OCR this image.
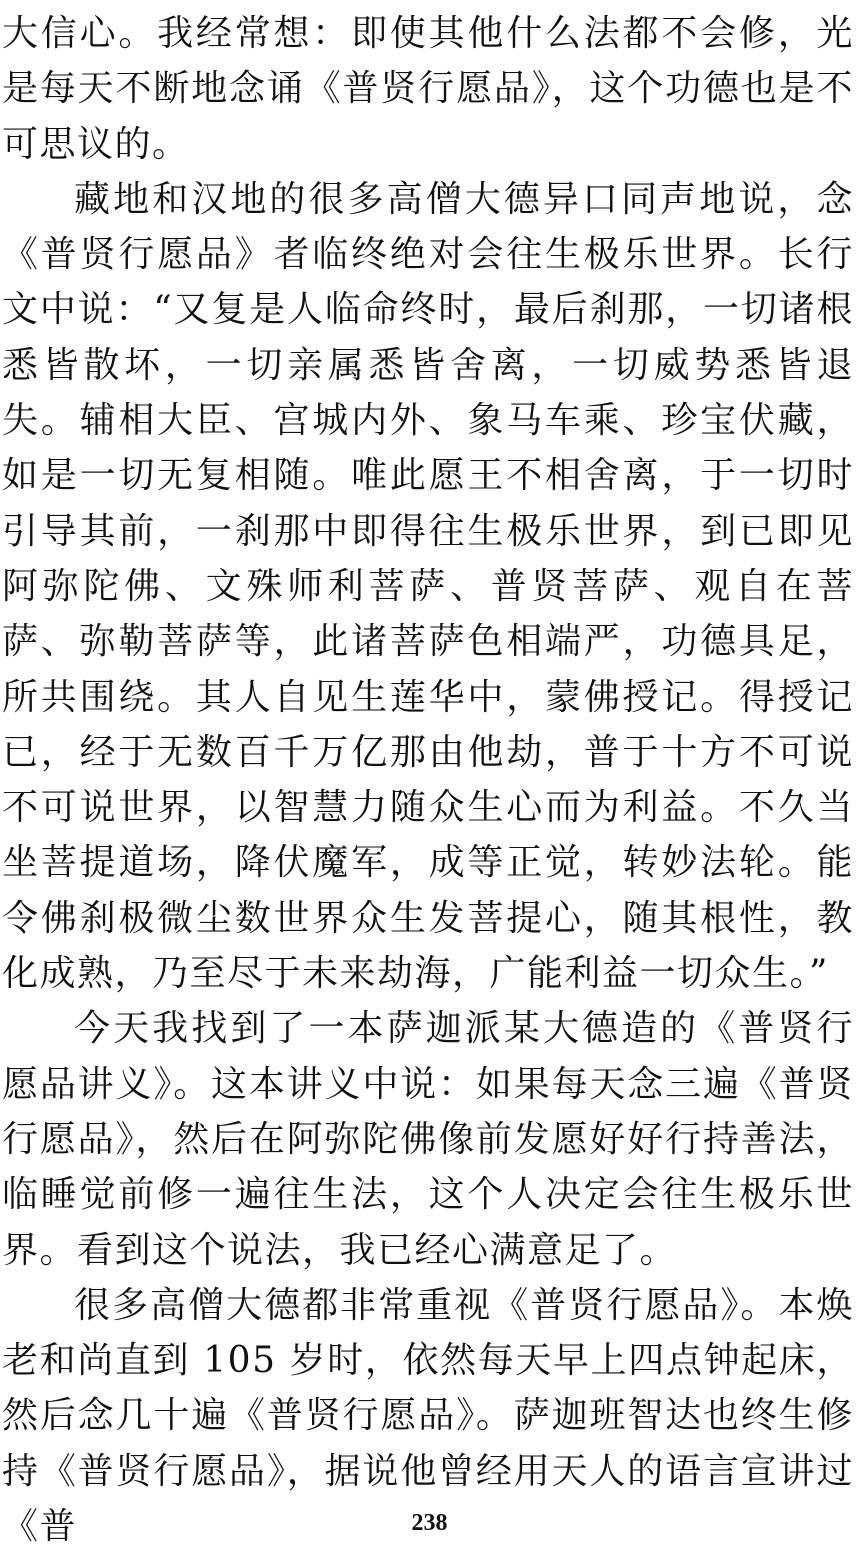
大信心。我经常想：即使其他什么法都不会修，光是每天不断地念诵《普贤行愿品》，这个功德也是不可思议的。

藏地和汉地的很多高僧大德异口同声地说，念《普贤行愿品》者临终绝对会往生极乐世界。长行文中说：“又复是人临命终时，最后刹那，一切诸根悉皆散坏，一切亲属悉皆舍离，一切威势悉皆退失。辅相大臣、宫城内外、象马车乘、珍宝伏藏，如是一切无复相随。唯此愿王不相舍离，于一切时引导其前，一刹那中即得往生极乐世界，到已即见阿弥陀佛、文殊师利菩萨、普贤菩萨、观自在菩萨、弥勒菩萨等，此诸菩萨色相端严，功德具足，所共围绕。其人自见生莲华中，蒙佛授记。得授记已，经于无数百千万亿那由他劫，普于十方不可说不可说世界，以智慧力随众生心而为利益。不久当坐菩提道场，降伏魔军，成等正觉，转妙法轮。能令佛刹极微尘数世界众生发菩提心，随其根性，教化成熟，乃至尽于未来劫海，广能利益一切众生。”

今天我找到了一本萨迦派某大德造的《普贤行愿品讲义》。这本讲义中说：如果每天念三遍《普贤行愿品》，然后在阿弥陀佛像前发愿好好行持善法，临睡觉前修一遍往生法，这个人决定会往生极乐世界。看到这个说法，我已经心满意足了。

很多高僧大德都非常重视《普贤行愿品》。本焕老和尚直到 105 岁时，依然每天早上四点钟起床，然后念几十遍《普贤行愿品》。萨迦班智达也终生修持《普贤行愿品》，据说他曾经用天人的语言宣讲过《普	238
